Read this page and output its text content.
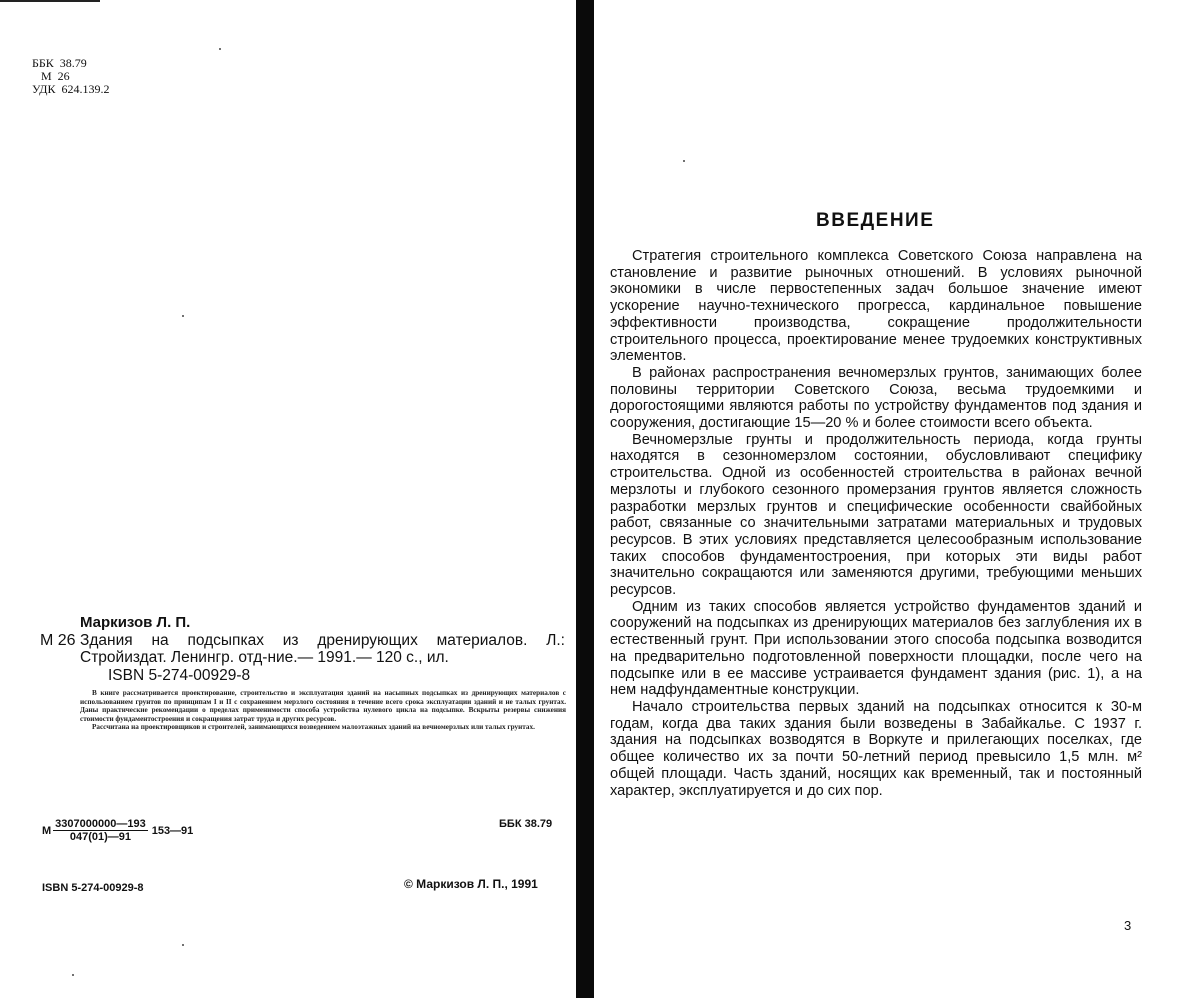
ББК  38.79
М  26
УДК  624.139.2
Маркизов Л. П.
М 26 Здания на подсыпках из дренирующих материалов. Л.: Стройиздат. Ленингр. отд-ние.— 1991.— 120 с., ил.
ISBN 5-274-00929-8

В книге рассматривается проектирование, строительство и эксплуатация зданий на насыпных подсыпках из дренирующих материалов с использованием грунтов по принципам I и II с сохранением мерзлого состояния в течение всего срока эксплуатации зданий и не талых грунтах. Даны практические рекомендации о пределах применимости способа устройства нулевого цикла на подсыпке. Вскрыты резервы снижения стоимости фундаментостроения и сокращения затрат труда и других ресурсов.

Рассчитана на проектировщиков и строителей, занимающихся возведением малоэтажных зданий на вечномерзлых или талых грунтах.

М $\frac{3307000000—193}{047(01)—91}$ 153—91
ББК 38.79
ISBN 5-274-00929-8	© Маркизов Л. П., 1991
ВВЕДЕНИЕ

Стратегия строительного комплекса Советского Союза направлена на становление и развитие рыночных отношений. В условиях рыночной экономики в числе первостепенных задач большое значение имеют ускорение научно-технического прогресса, кардинальное повышение эффективности производства, сокращение продолжительности строительного процесса, проектирование менее трудоемких конструктивных элементов.

В районах распространения вечномерзлых грунтов, занимающих более половины территории Советского Союза, весьма трудоемкими и дорогостоящими являются работы по устройству фундаментов под здания и сооружения, достигающие 15—20 % и более стоимости всего объекта.

Вечномерзлые грунты и продолжительность периода, когда грунты находятся в сезонномерзлом состоянии, обусловливают специфику строительства. Одной из особенностей строительства в районах вечной мерзлоты и глубокого сезонного промерзания грунтов является сложность разработки мерзлых грунтов и специфические особенности свайбойных работ, связанные со значительными затратами материальных и трудовых ресурсов. В этих условиях представляется целесообразным использование таких способов фундаментостроения, при которых эти виды работ значительно сокращаются или заменяются другими, требующими меньших ресурсов.

Одним из таких способов является устройство фундаментов зданий и сооружений на подсыпках из дренирующих материалов без заглубления их в естественный грунт. При использовании этого способа подсыпка возводится на предварительно подготовленной поверхности площадки, после чего на подсыпке или в ее массиве устраивается фундамент здания (рис. 1), а на нем надфундаментные конструкции.

Начало строительства первых зданий на подсыпках относится к 30-м годам, когда два таких здания были возведены в Забайкалье. С 1937 г. здания на подсыпках возводятся в Воркуте и прилегающих поселках, где общее количество их за почти 50-летний период превысило 1,5 млн. м² общей площади. Часть зданий, носящих как временный, так и постоянный характер, эксплуатируется и до сих пор.

3
